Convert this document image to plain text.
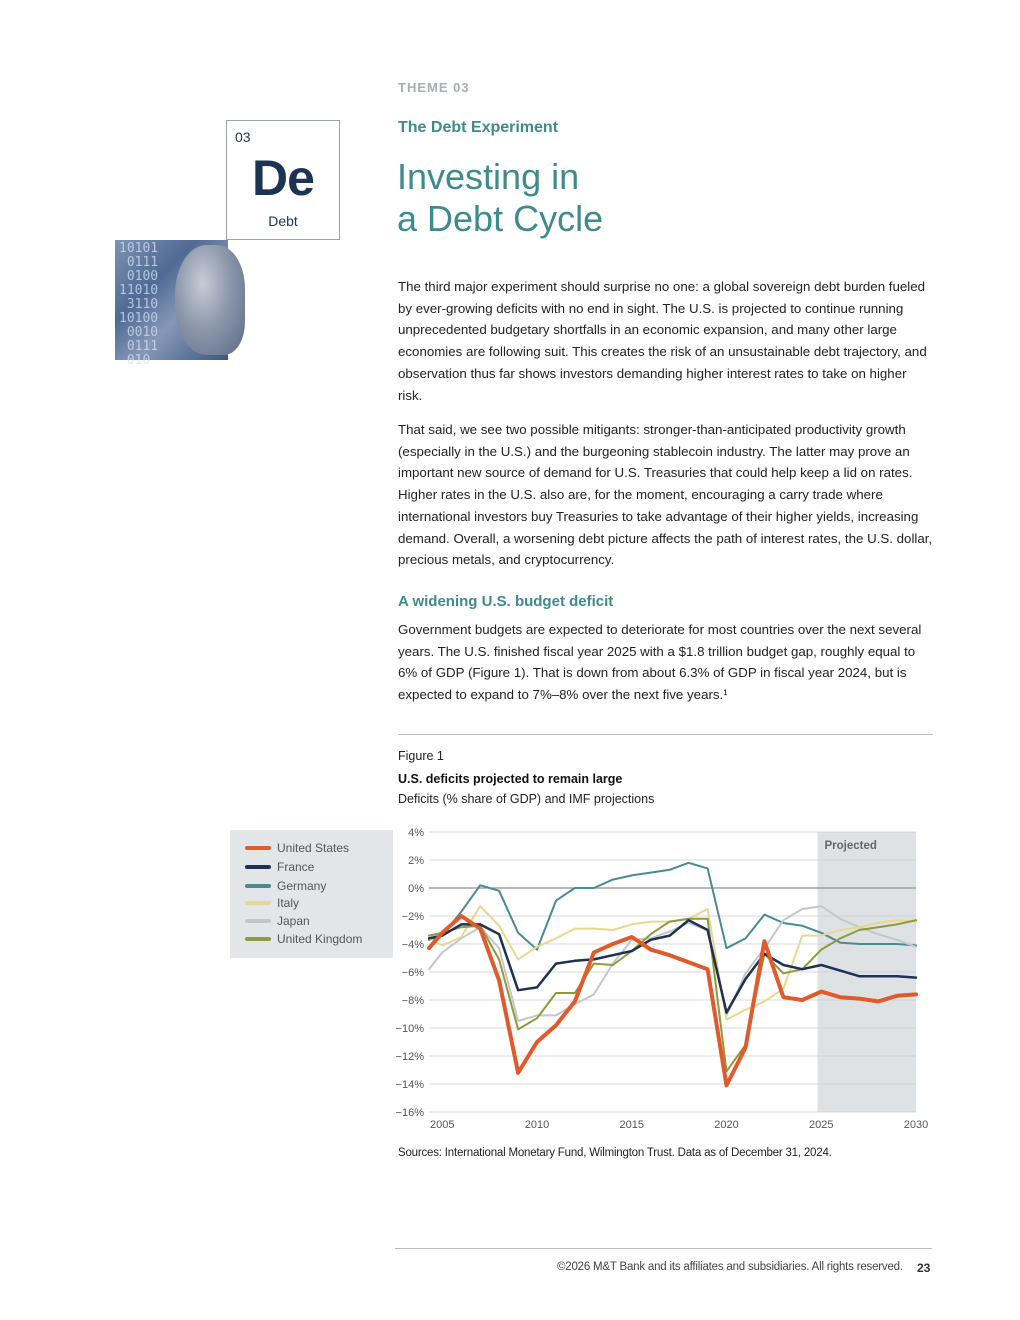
THEME 03
The Debt Experiment
Investing in
a Debt Cycle
03
De
Debt
10101
0111
0100
11010
3110
10100
0010
0111
010

The third major experiment should surprise no one: a global sovereign debt burden fueled by ever-growing deficits with no end in sight. The U.S. is projected to continue running unprecedented budgetary shortfalls in an economic expansion, and many other large economies are following suit. This creates the risk of an unsustainable debt trajectory, and observation thus far shows investors demanding higher interest rates to take on higher risk.

That said, we see two possible mitigants: stronger-than-anticipated productivity growth (especially in the U.S.) and the burgeoning stablecoin industry. The latter may prove an important new source of demand for U.S. Treasuries that could help keep a lid on rates. Higher rates in the U.S. also are, for the moment, encouraging a carry trade where international investors buy Treasuries to take advantage of their higher yields, increasing demand. Overall, a worsening debt picture affects the path of interest rates, the U.S. dollar, precious metals, and cryptocurrency.

A widening U.S. budget deficit

Government budgets are expected to deteriorate for most countries over the next several years. The U.S. finished fiscal year 2025 with a $1.8 trillion budget gap, roughly equal to 6% of GDP (Figure 1). That is down from about 6.3% of GDP in fiscal year 2024, but is expected to expand to 7%–8% over the next five years.¹

Figure 1
U.S. deficits projected to remain large
Deficits (% share of GDP) and IMF projections
United States
France
Germany
Italy
Japan
United Kingdom
Projected
4%
2%
0%
−2%
−4%
−6%
−8%
−10%
−12%
−14%
−16%
2005	2010	2015	2020	2025	2030
Sources: International Monetary Fund, Wilmington Trust. Data as of December 31, 2024.
©2026 M&T Bank and its affiliates and subsidiaries. All rights reserved. 23
